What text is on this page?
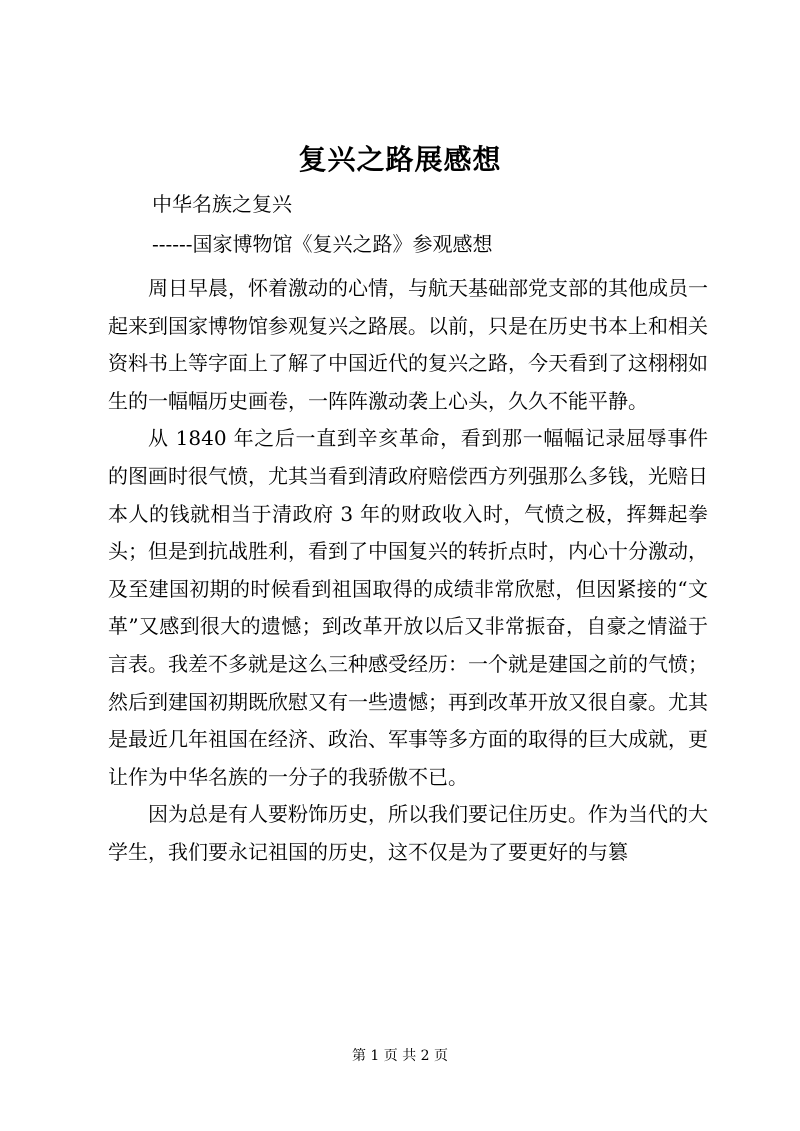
复兴之路展感想
中华名族之复兴
------国家博物馆《复兴之路》参观感想

周日早晨，怀着激动的心情，与航天基础部党支部的其他成员一起来到国家博物馆参观复兴之路展。以前，只是在历史书本上和相关资料书上等字面上了解了中国近代的复兴之路，今天看到了这栩栩如生的一幅幅历史画卷，一阵阵激动袭上心头，久久不能平静。

从 1840 年之后一直到辛亥革命，看到那一幅幅记录屈辱事件的图画时很气愤，尤其当看到清政府赔偿西方列强那么多钱，光赔日本人的钱就相当于清政府 3 年的财政收入时，气愤之极，挥舞起拳头；但是到抗战胜利，看到了中国复兴的转折点时，内心十分激动，及至建国初期的时候看到祖国取得的成绩非常欣慰，但因紧接的“文革”又感到很大的遗憾；到改革开放以后又非常振奋，自豪之情溢于言表。我差不多就是这么三种感受经历：一个就是建国之前的气愤；然后到建国初期既欣慰又有一些遗憾；再到改革开放又很自豪。尤其是最近几年祖国在经济、政治、军事等多方面的取得的巨大成就，更让作为中华名族的一分子的我骄傲不已。

因为总是有人要粉饰历史，所以我们要记住历史。作为当代的大学生，我们要永记祖国的历史，这不仅是为了要更好的与篡

第 1 页 共 2 页
